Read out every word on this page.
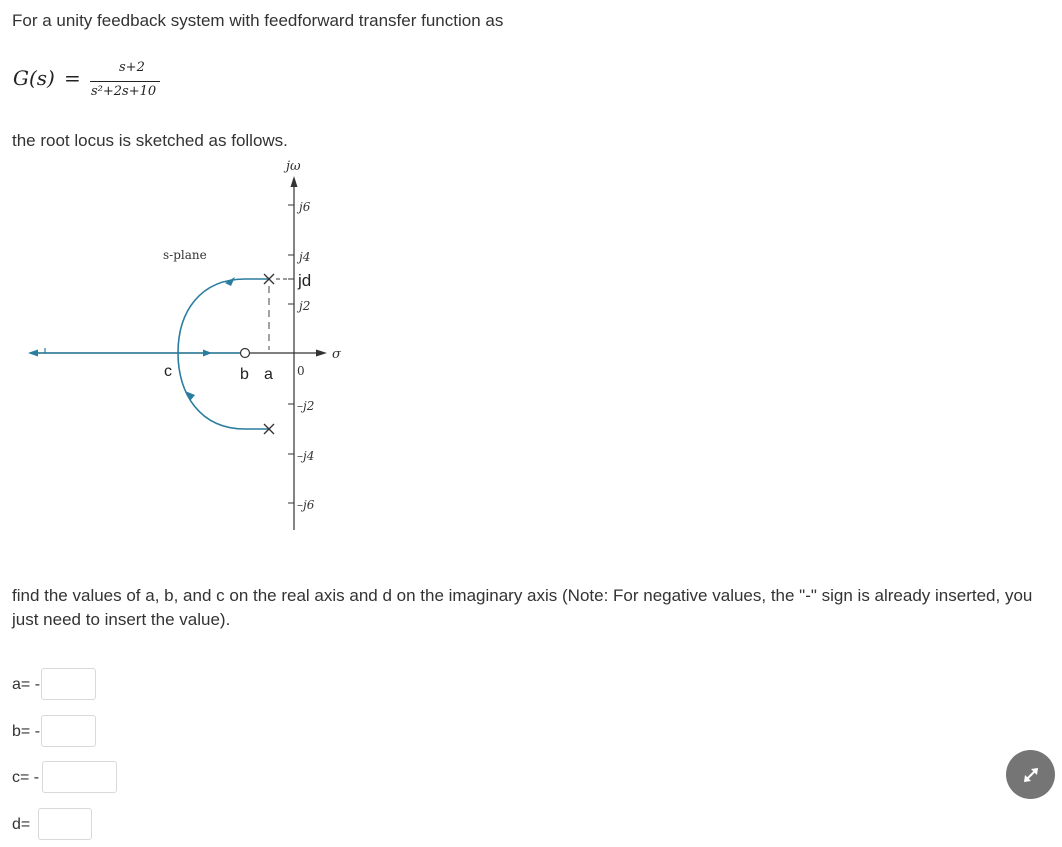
For a unity feedback system with feedforward transfer function as
G(s) =	s+2
s²+2s+10
the root locus is sketched as follows.
jω
σ
0
s-plane
j6
j4
jd
j2
–j2
–j4
–j6
c	b a
find the values of a, b, and c on the real axis and d on the imaginary axis (Note: For negative values, the "-" sign is already inserted, you just need to insert the value).
a= -
b= -
c= -
d=
